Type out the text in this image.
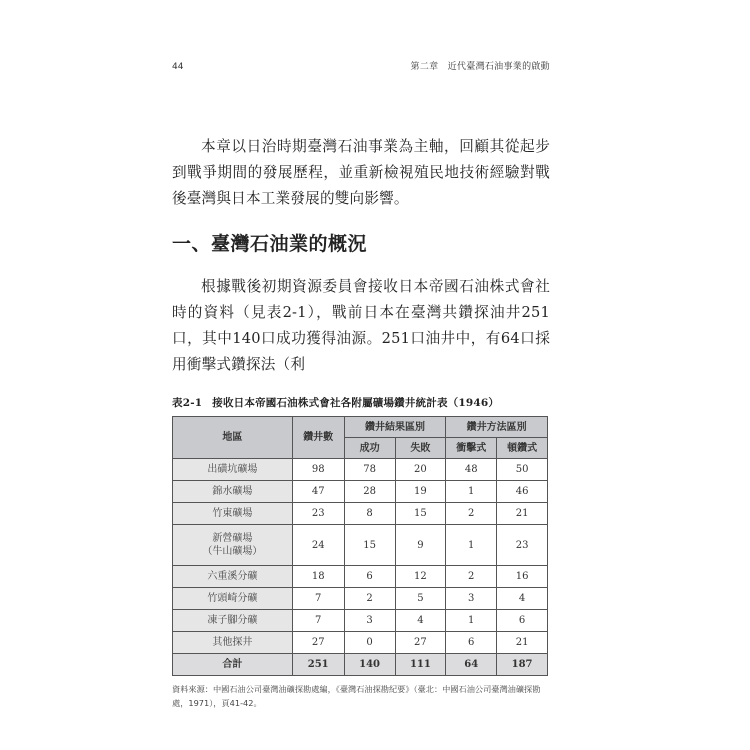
44	第二章　近代臺灣石油事業的啟動

本章以日治時期臺灣石油事業為主軸，回顧其從起步到戰爭期間的發展歷程，並重新檢視殖民地技術經驗對戰後臺灣與日本工業發展的雙向影響。

一、臺灣石油業的概況

根據戰後初期資源委員會接收日本帝國石油株式會社時的資料（見表2-1），戰前日本在臺灣共鑽探油井251口，其中140口成功獲得油源。251口油井中，有64口採用衝擊式鑽探法（利

表2-1 接收日本帝國石油株式會社各附屬礦場鑽井統計表（1946）
地區	鑽井數	鑽井結果區別		鑽井方法區別	
		成功	失敗	衝擊式	頓鑽式
出磺坑礦場	98	78	20	48	50
錦水礦場	47	28	19	1	46
竹東礦場	23	8	15	2	21

新營礦場
（牛山礦場）	24	15	9	1	23
六重溪分礦	18	6	12	2	16
竹頭崎分礦	7	2	5	3	4
凍子腳分礦	7	3	4	1	6
其他探井	27	0	27	6	21
合計	251	140	111	64	187
資料來源：中國石油公司臺灣油礦探勘處編，《臺灣石油探勘紀要》（臺北：中國石油公司臺灣油礦探勘處，1971），頁41-42。
